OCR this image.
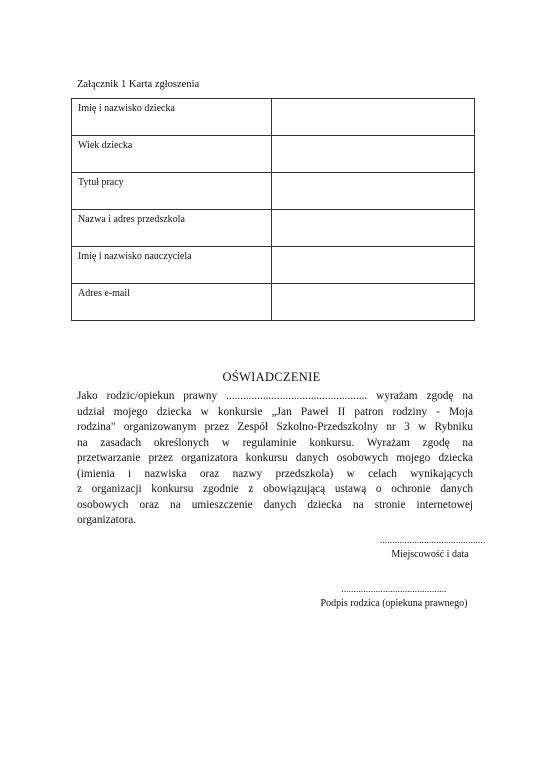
Załącznik 1 Karta zgłoszenia
Imię i nazwisko dziecka	

Wiek dziecka	

Tytuł pracy	

Nazwa i adres przedszkola	

Imię i nazwisko nauczyciela	

Adres e-mail	

OŚWIADCZENIE
Jako rodzic/opiekun prawny .................................................. wyrażam zgodę na
udział mojego dziecka w konkursie „Jan Paweł II patron rodziny - Moja
rodzina" organizowanym przez Zespół Szkolno-Przedszkolny nr 3 w Rybniku
na zasadach określonych w regulaminie konkursu. Wyrażam zgodę na
przetwarzanie przez organizatora konkursu danych osobowych mojego dziecka
(imienia i nazwiska oraz nazwy przedszkola) w celach wynikających
z organizacji konkursu zgodnie z obowiązującą ustawą o ochronie danych
osobowych oraz na umieszczenie danych dziecka na stronie internetowej
organizatora.
...........................................
Miejscowość i data
...........................................
Podpis rodzica (opiekuna prawnego)
